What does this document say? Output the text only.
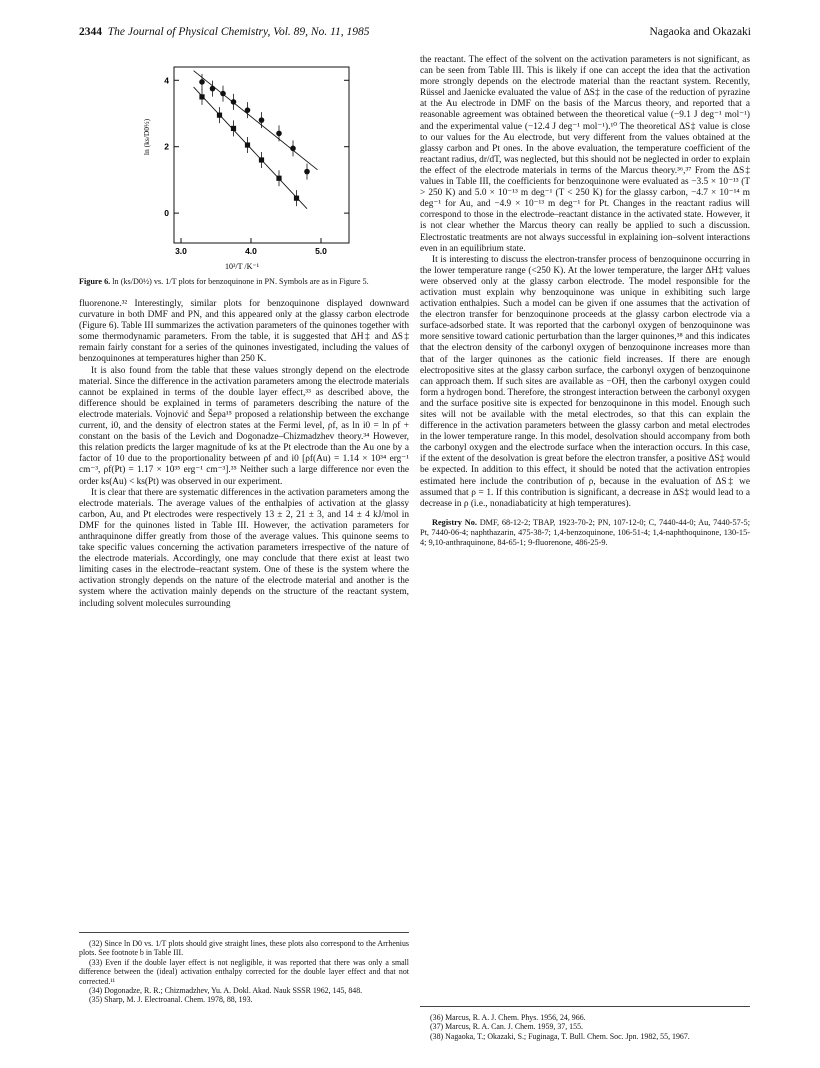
2344 The Journal of Physical Chemistry, Vol. 89, No. 11, 1985	Nagaoka and Okazaki
3.0	4.0	5.0
0
2
4
ln (ks/D0½)
10³/T /K⁻¹
Figure 6. ln (ks/D0½) vs. 1/T plots for benzoquinone in PN. Symbols are as in Figure 5.

fluorenone.³² Interestingly, similar plots for benzoquinone displayed downward curvature in both DMF and PN, and this appeared only at the glassy carbon electrode (Figure 6). Table III summarizes the activation parameters of the quinones together with some thermodynamic parameters. From the table, it is suggested that ΔH‡ and ΔS‡ remain fairly constant for a series of the quinones investigated, including the values of benzoquinones at temperatures higher than 250 K.

It is also found from the table that these values strongly depend on the electrode material. Since the difference in the activation parameters among the electrode materials cannot be explained in terms of the double layer effect,³³ as described above, the difference should be explained in terms of parameters describing the nature of the electrode materials. Vojnović and Šepa¹⁵ proposed a relationship between the exchange current, i0, and the density of electron states at the Fermi level, ρf, as ln i0 = ln ρf + constant on the basis of the Levich and Dogonadze–Chizmadzhev theory.³⁴ However, this relation predicts the larger magnitude of ks at the Pt electrode than the Au one by a factor of 10 due to the proportionality between ρf and i0 [ρf(Au) = 1.14 × 10³⁴ erg⁻¹ cm⁻³, ρf(Pt) = 1.17 × 10³⁵ erg⁻¹ cm⁻³].³⁵ Neither such a large difference nor even the order ks(Au) < ks(Pt) was observed in our experiment.

It is clear that there are systematic differences in the activation parameters among the electrode materials. The average values of the enthalpies of activation at the glassy carbon, Au, and Pt electrodes were respectively 13 ± 2, 21 ± 3, and 14 ± 4 kJ/mol in DMF for the quinones listed in Table III. However, the activation parameters for anthraquinone differ greatly from those of the average values. This quinone seems to take specific values concerning the activation parameters irrespective of the nature of the electrode materials. Accordingly, one may conclude that there exist at least two limiting cases in the electrode–reactant system. One of these is the system where the activation strongly depends on the nature of the electrode material and another is the system where the activation mainly depends on the structure of the reactant system, including solvent molecules surrounding

(32) Since ln D0 vs. 1/T plots should give straight lines, these plots also correspond to the Arrhenius plots. See footnote b in Table III.

(33) Even if the double layer effect is not negligible, it was reported that there was only a small difference between the (ideal) activation enthalpy corrected for the double layer effect and that not corrected.¹¹

(34) Dogonadze, R. R.; Chizmadzhev, Yu. A. Dokl. Akad. Nauk SSSR 1962, 145, 848.

(35) Sharp, M. J. Electroanal. Chem. 1978, 88, 193.

the reactant. The effect of the solvent on the activation parameters is not significant, as can be seen from Table III. This is likely if one can accept the idea that the activation more strongly depends on the electrode material than the reactant system. Recently, Rüssel and Jaenicke evaluated the value of ΔS‡ in the case of the reduction of pyrazine at the Au electrode in DMF on the basis of the Marcus theory, and reported that a reasonable agreement was obtained between the theoretical value (−9.1 J deg⁻¹ mol⁻¹) and the experimental value (−12.4 J deg⁻¹ mol⁻¹).¹⁰ The theoretical ΔS‡ value is close to our values for the Au electrode, but very different from the values obtained at the glassy carbon and Pt ones. In the above evaluation, the temperature coefficient of the reactant radius, dr/dT, was neglected, but this should not be neglected in order to explain the effect of the electrode materials in terms of the Marcus theory.³⁶,³⁷ From the ΔS‡ values in Table III, the coefficients for benzoquinone were evaluated as −3.5 × 10⁻¹³ (T > 250 K) and 5.0 × 10⁻¹³ m deg⁻¹ (T < 250 K) for the glassy carbon, −4.7 × 10⁻¹⁴ m deg⁻¹ for Au, and −4.9 × 10⁻¹³ m deg⁻¹ for Pt. Changes in the reactant radius will correspond to those in the electrode–reactant distance in the activated state. However, it is not clear whether the Marcus theory can really be applied to such a discussion. Electrostatic treatments are not always successful in explaining ion–solvent interactions even in an equilibrium state.

It is interesting to discuss the electron-transfer process of benzoquinone occurring in the lower temperature range (<250 K). At the lower temperature, the larger ΔH‡ values were observed only at the glassy carbon electrode. The model responsible for the activation must explain why benzoquinone was unique in exhibiting such large activation enthalpies. Such a model can be given if one assumes that the activation of the electron transfer for benzoquinone proceeds at the glassy carbon electrode via a surface-adsorbed state. It was reported that the carbonyl oxygen of benzoquinone was more sensitive toward cationic perturbation than the larger quinones,³⁸ and this indicates that the electron density of the carbonyl oxygen of benzoquinone increases more than that of the larger quinones as the cationic field increases. If there are enough electropositive sites at the glassy carbon surface, the carbonyl oxygen of benzoquinone can approach them. If such sites are available as −OH, then the carbonyl oxygen could form a hydrogen bond. Therefore, the strongest interaction between the carbonyl oxygen and the surface positive site is expected for benzoquinone in this model. Enough such sites will not be available with the metal electrodes, so that this can explain the difference in the activation parameters between the glassy carbon and metal electrodes in the lower temperature range. In this model, desolvation should accompany from both the carbonyl oxygen and the electrode surface when the interaction occurs. In this case, if the extent of the desolvation is great before the electron transfer, a positive ΔS‡ would be expected. In addition to this effect, it should be noted that the activation entropies estimated here include the contribution of ρ, because in the evaluation of ΔS‡ we assumed that ρ = 1. If this contribution is significant, a decrease in ΔS‡ would lead to a decrease in ρ (i.e., nonadiabaticity at high temperatures).

Registry No. DMF, 68-12-2; TBAP, 1923-70-2; PN, 107-12-0; C, 7440-44-0; Au, 7440-57-5; Pt, 7440-06-4; naphthazarin, 475-38-7; 1,4-benzoquinone, 106-51-4; 1,4-naphthoquinone, 130-15-4; 9,10-anthraquinone, 84-65-1; 9-fluorenone, 486-25-9.

(36) Marcus, R. A. J. Chem. Phys. 1956, 24, 966.

(37) Marcus, R. A. Can. J. Chem. 1959, 37, 155.

(38) Nagaoka, T.; Okazaki, S.; Fuginaga, T. Bull. Chem. Soc. Jpn. 1982, 55, 1967.
